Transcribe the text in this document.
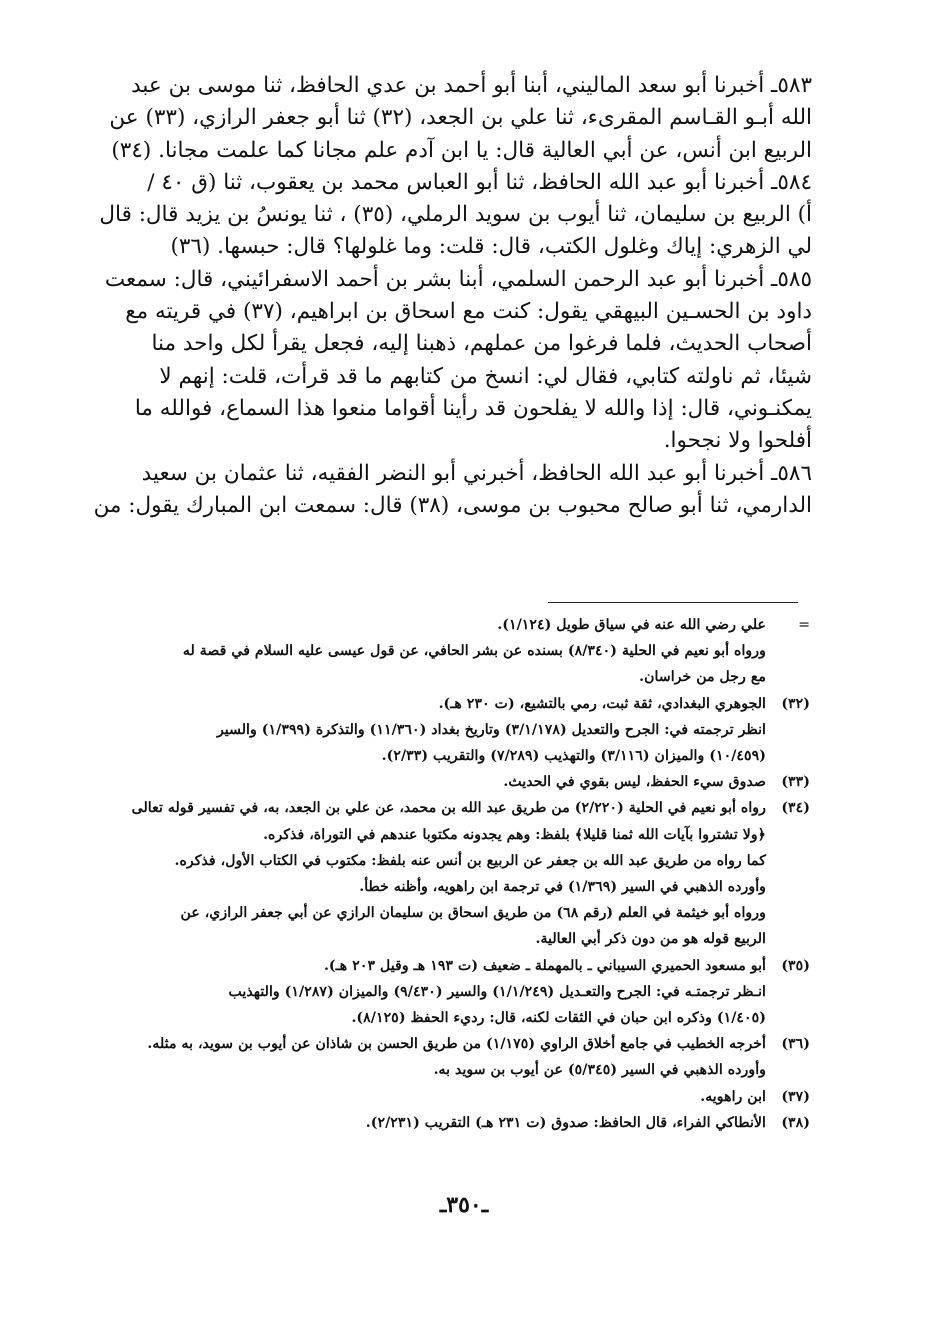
٥٨٣ـ أخبرنا أبو سعد الماليني، أبنا أبو أحمد بن عدي الحافظ، ثنا موسى بن عبد

الله أبـو القـاسم المقرىء، ثنا علي بن الجعد، (٣٢) ثنا أبو جعفر الرازي، (٣٣) عن

الربيع ابن أنس، عن أبي العالية قال: يا ابن آدم علم مجانا كما علمت مجانا. (٣٤)

٥٨٤ـ أخبرنا أبو عبد الله الحافظ، ثنا أبو العباس محمد بن يعقوب، ثنا (ق ٤٠ /

أ) الربيع بن سليمان، ثنا أيوب بن سويد الرملي، (٣٥) ، ثنا يونسُ بن يزيد قال: قال

لي الزهري: إياك وغلول الكتب، قال: قلت: وما غلولها؟ قال: حبسها. (٣٦)

٥٨٥ـ أخبرنا أبو عبد الرحمن السلمي، أبنا بشر بن أحمد الاسفرائيني، قال: سمعت

داود بن الحسـين البيهقي يقول: كنت مع اسحاق بن ابراهيم، (٣٧) في قريته مع

أصحاب الحديث، فلما فرغوا من عملهم، ذهبنا إليه، فجعل يقرأ لكل واحد منا

شيئا، ثم ناولته كتابي، فقال لي: انسخ من كتابهم ما قد قرأت، قلت: إنهم لا

يمكنـوني، قال: إذا والله لا يفلحون قد رأينا أقواما منعوا هذا السماع، فوالله ما

أفلحوا ولا نجحوا.

٥٨٦ـ أخبرنا أبو عبد الله الحافظ، أخبرني أبو النضر الفقيه، ثنا عثمان بن سعيد

الدارمي، ثنا أبو صالح محبوب بن موسى، (٣٨) قال: سمعت ابن المبارك يقول: من

=
علي رضي الله عنه في سياق طويل (١/١٢٤).
ورواه أبو نعيم في الحلية (٨/٣٤٠) بسنده عن بشر الحافي، عن قول عيسى عليه السلام في قصة له
مع رجل من خراسان.
(٣٢)
الجوهري البغدادي، ثقة ثبت، رمي بالتشيع، (ت ٢٣٠ هـ).
انظر ترجمته في: الجرح والتعديل (٣/١/١٧٨) وتاريخ بغداد (١١/٣٦٠) والتذكرة (١/٣٩٩) والسير
(١٠/٤٥٩) والميزان (٣/١١٦) والتهذيب (٧/٢٨٩) والتقريب (٢/٣٣).
(٣٣)
صدوق سيء الحفظ، ليس بقوي في الحديث.
(٣٤)
رواه أبو نعيم في الحلية (٢/٢٢٠) من طريق عبد الله بن محمد، عن علي بن الجعد، به، في تفسير قوله تعالى
﴿ولا تشتروا بآيات الله ثمنا قليلا﴾ بلفظ: وهم يجدونه مكتوبا عندهم في التوراة، فذكره.
كما رواه من طريق عبد الله بن جعفر عن الربيع بن أنس عنه بلفظ: مكتوب في الكتاب الأول، فذكره.
وأورده الذهبي في السير (١/٣٦٩) في ترجمة ابن راهويه، وأظنه خطأ.
ورواه أبو خيثمة في العلم (رقم ٦٨) من طريق اسحاق بن سليمان الرازي عن أبي جعفر الرازي، عن
الربيع قوله هو من دون ذكر أبي العالية.
(٣٥)
أبو مسعود الحميري السيباني ـ بالمهملة ـ ضعيف (ت ١٩٣ هـ وقيل ٢٠٣ هـ).
انـظر ترجمتـه في: الجرح والتعـديل (١/١/٢٤٩) والسير (٩/٤٣٠) والميزان (١/٢٨٧) والتهذيب
(١/٤٠٥) وذكره ابن حبان في الثقات لكنه، قال: رديء الحفظ (٨/١٢٥).
(٣٦)
أخرجه الخطيب في جامع أخلاق الراوي (١/١٧٥) من طريق الحسن بن شاذان عن أيوب بن سويد، به مثله.
وأورده الذهبي في السير (٥/٣٤٥) عن أيوب بن سويد به.
(٣٧)
ابن راهويه.
(٣٨)
الأنطاكي الفراء، قال الحافظ: صدوق (ت ٢٣١ هـ) التقريب (٢/٢٣١).
ـ٣٥٠ـ
